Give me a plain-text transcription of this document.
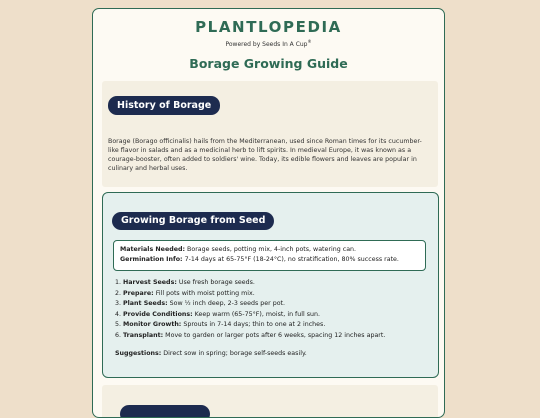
PLANTLOPEDIA
Powered by Seeds In A Cup®
Borage Growing Guide
History of Borage
Borage (Borago officinalis) hails from the Mediterranean, used since Roman times for its cucumber-like flavor in salads and as a medicinal herb to lift spirits. In medieval Europe, it was known as a courage-booster, often added to soldiers' wine. Today, its edible flowers and leaves are popular in culinary and herbal uses.
Growing Borage from Seed
Materials Needed: Borage seeds, potting mix, 4-inch pots, watering can.
Germination Info: 7-14 days at 65-75°F (18-24°C), no stratification, 80% success rate.
1. Harvest Seeds: Use fresh borage seeds.
2. Prepare: Fill pots with moist potting mix.
3. Plant Seeds: Sow ½ inch deep, 2-3 seeds per pot.
4. Provide Conditions: Keep warm (65-75°F), moist, in full sun.
5. Monitor Growth: Sprouts in 7-14 days; thin to one at 2 inches.
6. Transplant: Move to garden or larger pots after 6 weeks, spacing 12 inches apart.
Suggestions: Direct sow in spring; borage self-seeds easily.
